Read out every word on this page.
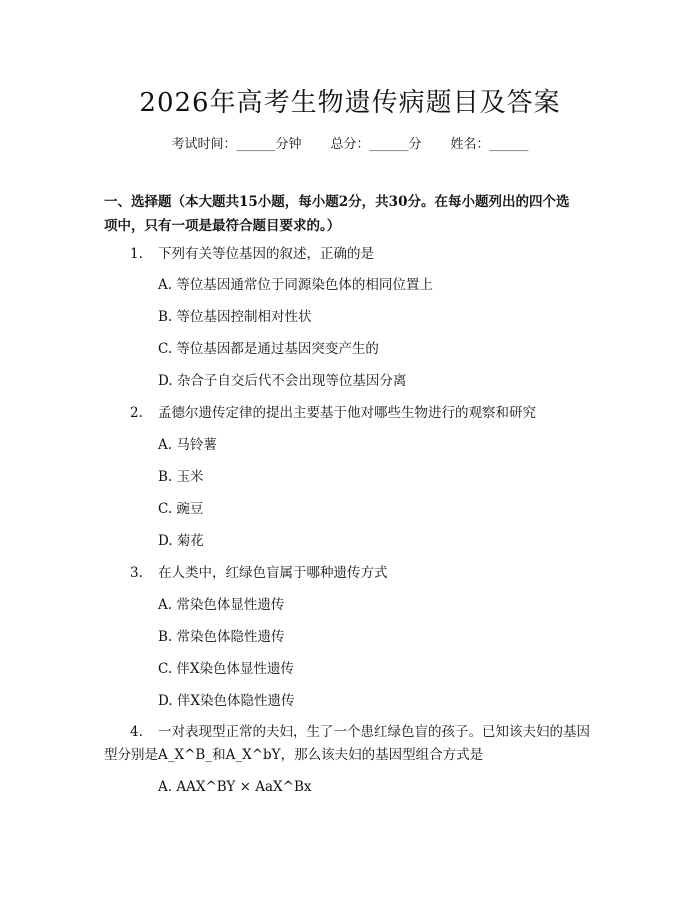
2026年高考生物遗传病题目及答案
考试时间：______分钟 总分：______分 姓名：______
一、选择题（本大题共15小题，每小题2分，共30分。在每小题列出的四个选
项中，只有一项是最符合题目要求的。）
1. 下列有关等位基因的叙述，正确的是
A. 等位基因通常位于同源染色体的相同位置上
B. 等位基因控制相对性状
C. 等位基因都是通过基因突变产生的
D. 杂合子自交后代不会出现等位基因分离
2. 孟德尔遗传定律的提出主要基于他对哪些生物进行的观察和研究
A. 马铃薯
B. 玉米
C. 豌豆
D. 菊花
3. 在人类中，红绿色盲属于哪种遗传方式
A. 常染色体显性遗传
B. 常染色体隐性遗传
C. 伴X染色体显性遗传
D. 伴X染色体隐性遗传
4. 一对表现型正常的夫妇，生了一个患红绿色盲的孩子。已知该夫妇的基因
型分别是A_X^B_和A_X^bY，那么该夫妇的基因型组合方式是
A. AAX^BY × AaX^Bx
